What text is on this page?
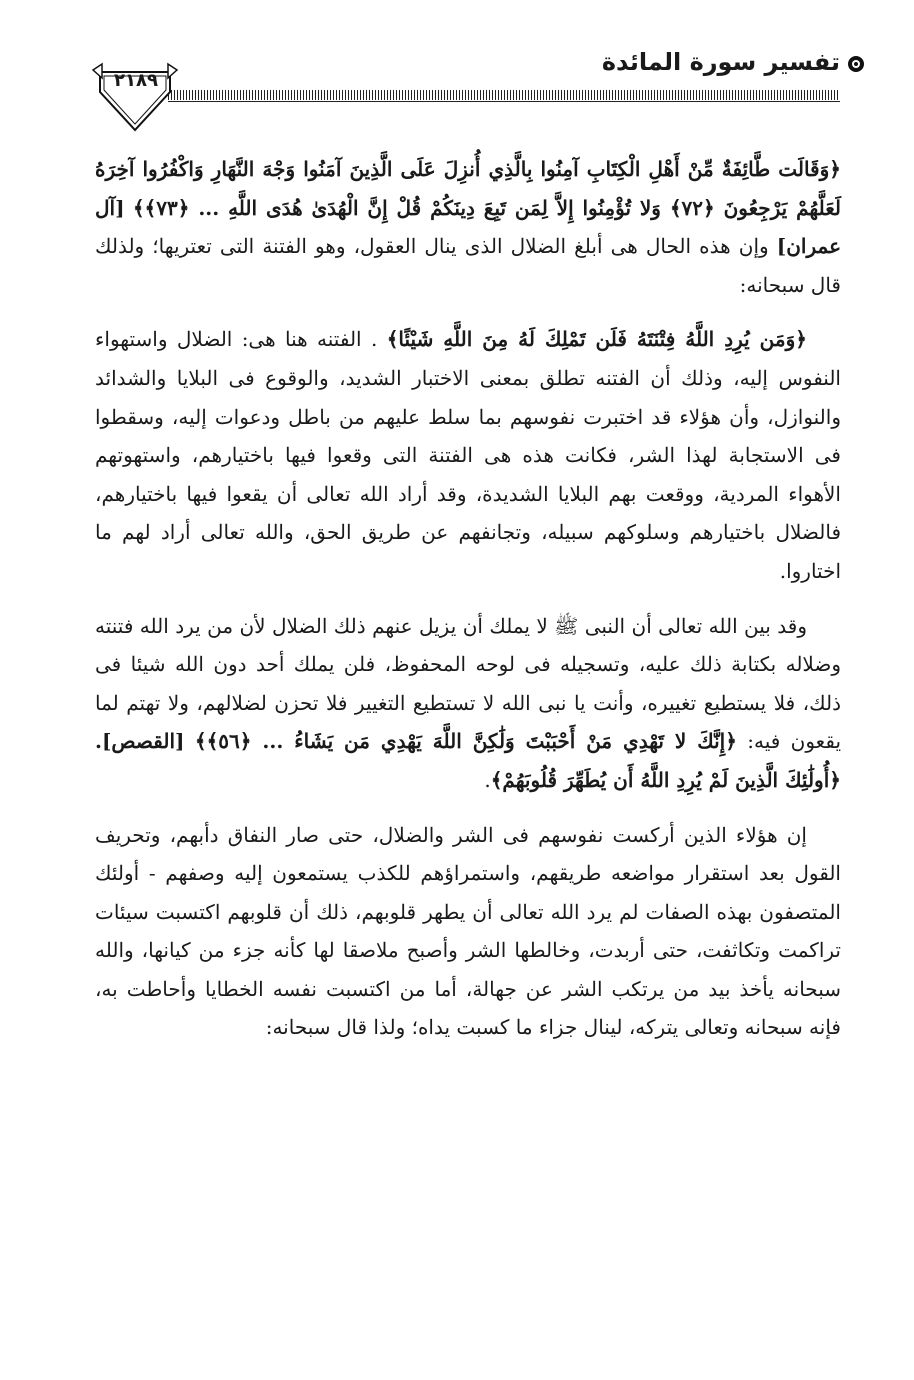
تفسير سورة المائدة
٢١٨٩

﴿وَقَالَت طَّائِفَةٌ مِّنْ أَهْلِ الْكِتَابِ آمِنُوا بِالَّذِي أُنزِلَ عَلَى الَّذِينَ آمَنُوا وَجْهَ النَّهَارِ وَاكْفُرُوا آخِرَهُ لَعَلَّهُمْ يَرْجِعُونَ ﴿٧٢﴾ وَلا تُؤْمِنُوا إِلاَّ لِمَن تَبِعَ دِينَكُمْ قُلْ إِنَّ الْهُدَىٰ هُدَى اللَّهِ ... ﴿٧٣﴾﴾ [آل عمران] وإن هذه الحال هى أبلغ الضلال الذى ينال العقول، وهو الفتنة التى تعتريها؛ ولذلك قال سبحانه:

﴿وَمَن يُرِدِ اللَّهُ فِتْنَتَهُ فَلَن تَمْلِكَ لَهُ مِنَ اللَّهِ شَيْئًا﴾ . الفتنه هنا هى: الضلال واستهواء النفوس إليه، وذلك أن الفتنه تطلق بمعنى الاختبار الشديد، والوقوع فى البلايا والشدائد والنوازل، وأن هؤلاء قد اختبرت نفوسهم بما سلط عليهم من باطل ودعوات إليه، وسقطوا فى الاستجابة لهذا الشر، فكانت هذه هى الفتنة التى وقعوا فيها باختيارهم، واستهوتهم الأهواء المردية، ووقعت بهم البلايا الشديدة، وقد أراد الله تعالى أن يقعوا فيها باختيارهم، فالضلال باختيارهم وسلوكهم سبيله، وتجانفهم عن طريق الحق، والله تعالى أراد لهم ما اختاروا.

وقد بين الله تعالى أن النبى ﷺ لا يملك أن يزيل عنهم ذلك الضلال لأن من يرد الله فتنته وضلاله بكتابة ذلك عليه، وتسجيله فى لوحه المحفوظ، فلن يملك أحد دون الله شيئا فى ذلك، فلا يستطيع تغييره، وأنت يا نبى الله لا تستطيع التغيير فلا تحزن لضلالهم، ولا تهتم لما يقعون فيه: ﴿إِنَّكَ لا تَهْدِي مَنْ أَحْبَبْتَ وَلَٰكِنَّ اللَّهَ يَهْدِي مَن يَشَاءُ ... ﴿٥٦﴾﴾ [القصص]. ﴿أُولَٰئِكَ الَّذِينَ لَمْ يُرِدِ اللَّهُ أَن يُطَهِّرَ قُلُوبَهُمْ﴾.

إن هؤلاء الذين أركست نفوسهم فى الشر والضلال، حتى صار النفاق دأبهم، وتحريف القول بعد استقرار مواضعه طريقهم، واستمراؤهم للكذب يستمعون إليه وصفهم - أولئك المتصفون بهذه الصفات لم يرد الله تعالى أن يطهر قلوبهم، ذلك أن قلوبهم اكتسبت سيئات تراكمت وتكاثفت، حتى أربدت، وخالطها الشر وأصبح ملاصقا لها كأنه جزء من كيانها، والله سبحانه يأخذ بيد من يرتكب الشر عن جهالة، أما من اكتسبت نفسه الخطايا وأحاطت به، فإنه سبحانه وتعالى يتركه، لينال جزاء ما كسبت يداه؛ ولذا قال سبحانه:
